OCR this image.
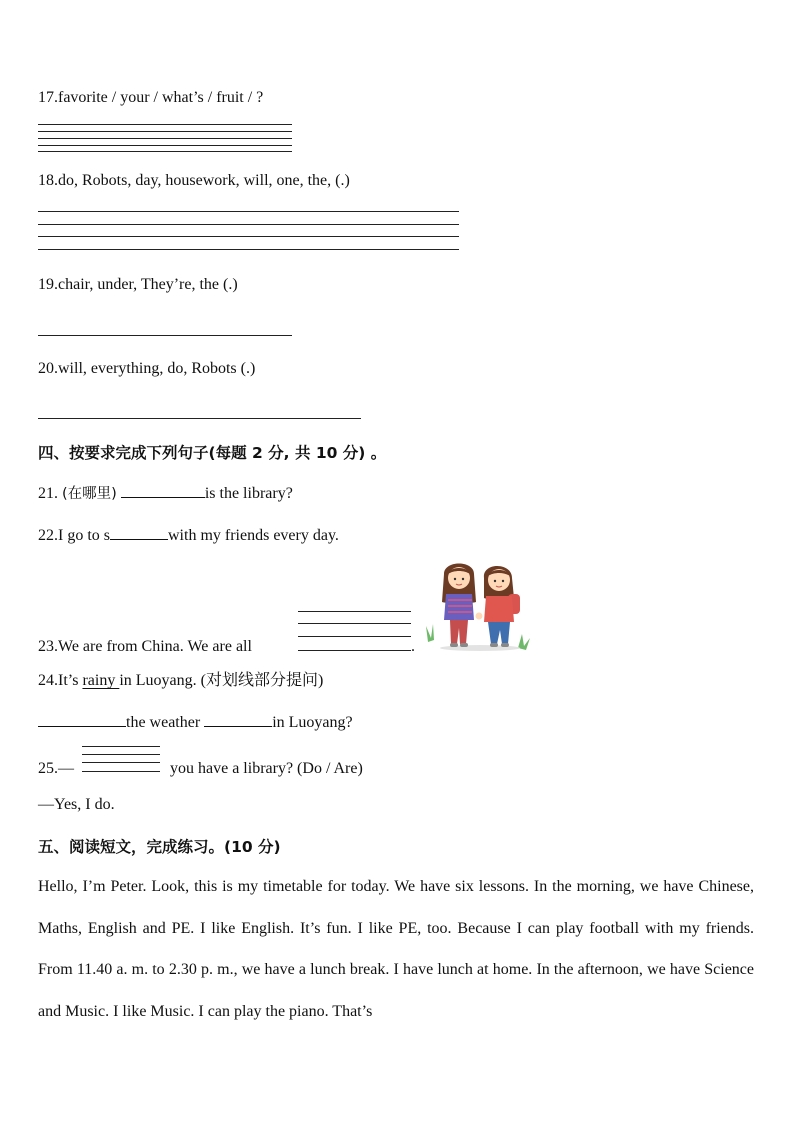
17.favorite / your / what’s / fruit / ?
18.do, Robots, day, housework, will, one, the, (.)
19.chair, under, They’re, the (.)
20.will, everything, do, Robots (.)
四、按要求完成下列句子(每题 2 分, 共 10 分) 。
21. (在哪里)	is the library?
22.I go to s	with my friends every day.
23.We are from China. We are all	.
24.It’s rainy in Luoyang. (对划线部分提问)
the weather	in Luoyang?
25.—	you have a library? (Do / Are)
—Yes, I do.
五、阅读短文，完成练习。(10 分)
Hello, I’m Peter. Look, this is my timetable for today. We have six lessons. In the morning, we have Chinese, Maths, English and PE. I like English. It’s fun. I like PE, too. Because I can play football with my friends. From 11.40 a. m. to 2.30 p. m., we have a lunch break. I have lunch at home. In the afternoon, we have Science and Music. I like Music. I can play the piano. That’s
